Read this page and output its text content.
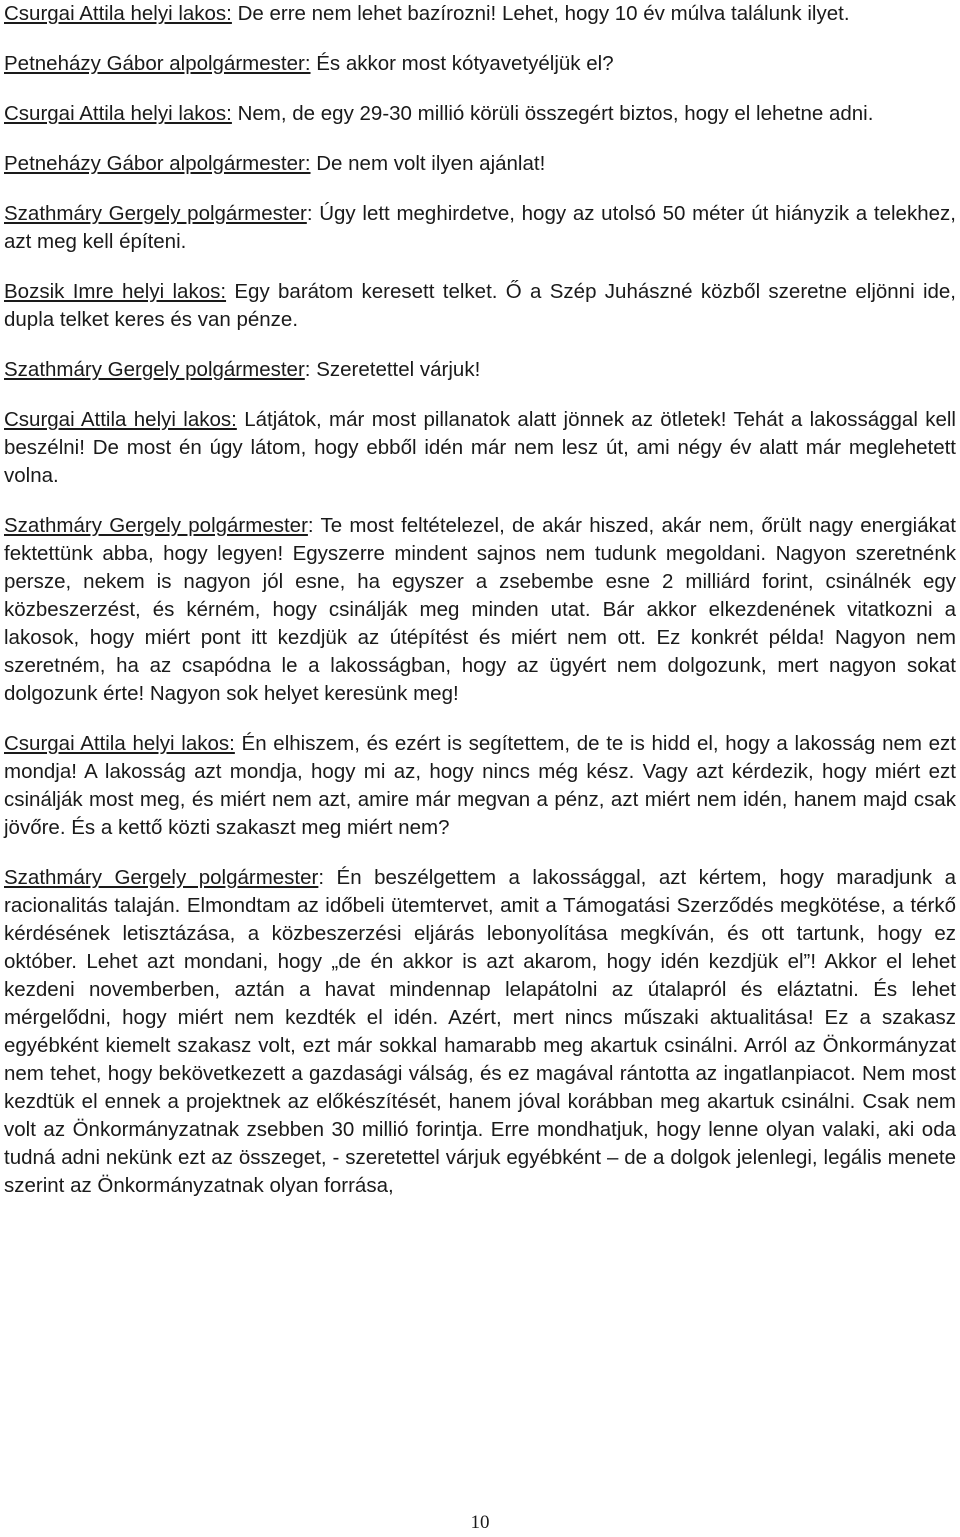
Csurgai Attila helyi lakos: De erre nem lehet bazírozni! Lehet, hogy 10 év múlva találunk ilyet.

Petneházy Gábor alpolgármester: És akkor most kótyavetyéljük el?

Csurgai Attila helyi lakos: Nem, de egy 29-30 millió körüli összegért biztos, hogy el lehetne adni.

Petneházy Gábor alpolgármester: De nem volt ilyen ajánlat!

Szathmáry Gergely polgármester: Úgy lett meghirdetve, hogy az utolsó 50 méter út hiányzik a telekhez, azt meg kell építeni.

Bozsik Imre helyi lakos: Egy barátom keresett telket. Ő a Szép Juhászné közből szeretne eljönni ide, dupla telket keres és van pénze.

Szathmáry Gergely polgármester: Szeretettel várjuk!

Csurgai Attila helyi lakos: Látjátok, már most pillanatok alatt jönnek az ötletek! Tehát a lakossággal kell beszélni! De most én úgy látom, hogy ebből idén már nem lesz út, ami négy év alatt már meglehetett volna.

Szathmáry Gergely polgármester: Te most feltételezel, de akár hiszed, akár nem, őrült nagy energiákat fektettünk abba, hogy legyen! Egyszerre mindent sajnos nem tudunk megoldani. Nagyon szeretnénk persze, nekem is nagyon jól esne, ha egyszer a zsebembe esne 2 milliárd forint, csinálnék egy közbeszerzést, és kérném, hogy csinálják meg minden utat. Bár akkor elkezdenének vitatkozni a lakosok, hogy miért pont itt kezdjük az útépítést és miért nem ott. Ez konkrét példa! Nagyon nem szeretném, ha az csapódna le a lakosságban, hogy az ügyért nem dolgozunk, mert nagyon sokat dolgozunk érte! Nagyon sok helyet keresünk meg!

Csurgai Attila helyi lakos: Én elhiszem, és ezért is segítettem, de te is hidd el, hogy a lakosság nem ezt mondja! A lakosság azt mondja, hogy mi az, hogy nincs még kész. Vagy azt kérdezik, hogy miért ezt csinálják most meg, és miért nem azt, amire már megvan a pénz, azt miért nem idén, hanem majd csak jövőre. És a kettő közti szakaszt meg miért nem?

Szathmáry Gergely polgármester: Én beszélgettem a lakossággal, azt kértem, hogy maradjunk a racionalitás talaján. Elmondtam az időbeli ütemtervet, amit a Támogatási Szerződés megkötése, a térkő kérdésének letisztázása, a közbeszerzési eljárás lebonyolítása megkíván, és ott tartunk, hogy ez október. Lehet azt mondani, hogy „de én akkor is azt akarom, hogy idén kezdjük el”! Akkor el lehet kezdeni novemberben, aztán a havat mindennap lelapátolni az útalapról és eláztatni. És lehet mérgelődni, hogy miért nem kezdték el idén. Azért, mert nincs műszaki aktualitása! Ez a szakasz egyébként kiemelt szakasz volt, ezt már sokkal hamarabb meg akartuk csinálni. Arról az Önkormányzat nem tehet, hogy bekövetkezett a gazdasági válság, és ez magával rántotta az ingatlanpiacot. Nem most kezdtük el ennek a projektnek az előkészítését, hanem jóval korábban meg akartuk csinálni. Csak nem volt az Önkormányzatnak zsebben 30 millió forintja. Erre mondhatjuk, hogy lenne olyan valaki, aki oda tudná adni nekünk ezt az összeget, - szeretettel várjuk egyébként – de a dolgok jelenlegi, legális menete szerint az Önkormányzatnak olyan forrása,

10
